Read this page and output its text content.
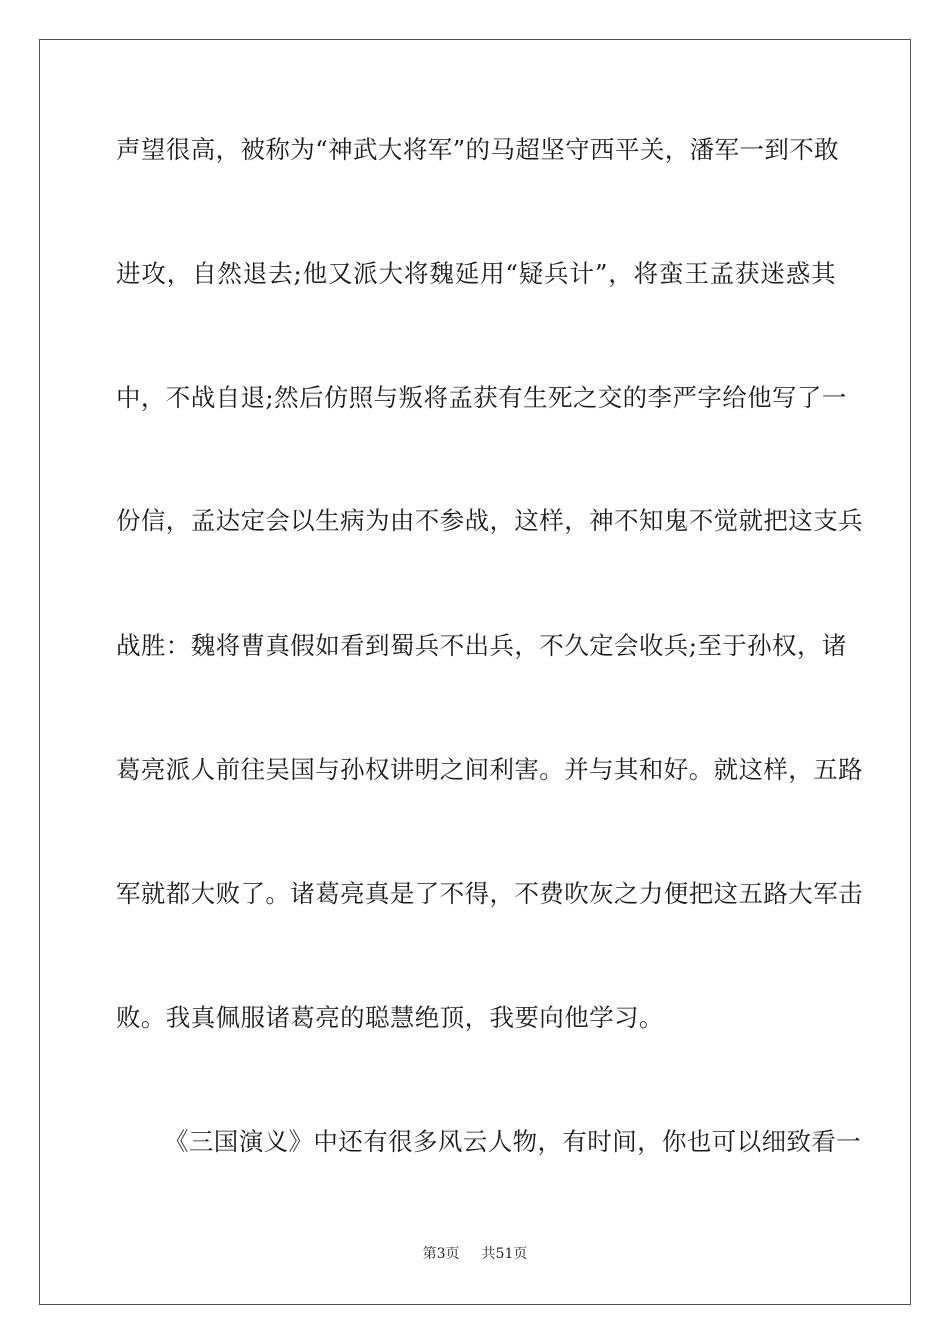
声望很高，被称为“神武大将军”的马超坚守西平关，潘军一到不敢
进攻，自然退去;他又派大将魏延用“疑兵计”，将蛮王孟获迷惑其
中，不战自退;然后仿照与叛将孟获有生死之交的李严字给他写了一
份信，孟达定会以生病为由不参战，这样，神不知鬼不觉就把这支兵
战胜：魏将曹真假如看到蜀兵不出兵，不久定会收兵;至于孙权，诸
葛亮派人前往吴国与孙权讲明之间利害。并与其和好。就这样，五路
军就都大败了。诸葛亮真是了不得，不费吹灰之力便把这五路大军击
败。我真佩服诸葛亮的聪慧绝顶，我要向他学习。
《三国演义》中还有很多风云人物，有时间，你也可以细致看一
第3页 共51页
